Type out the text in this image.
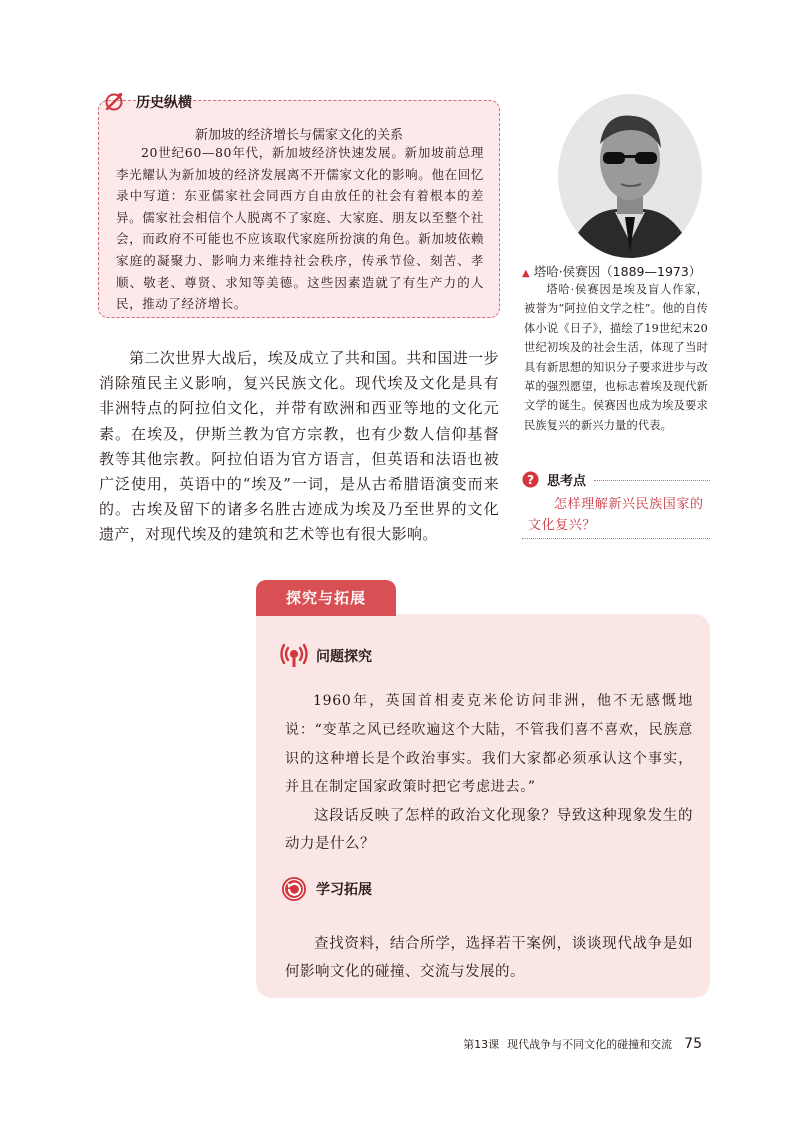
历史纵横
新加坡的经济增长与儒家文化的关系
20世纪60—80年代，新加坡经济快速发展。新加坡前总理李光耀认为新加坡的经济发展离不开儒家文化的影响。他在回忆录中写道：东亚儒家社会同西方自由放任的社会有着根本的差异。儒家社会相信个人脱离不了家庭、大家庭、朋友以至整个社会，而政府不可能也不应该取代家庭所扮演的角色。新加坡依赖家庭的凝聚力、影响力来维持社会秩序，传承节俭、刻苦、孝顺、敬老、尊贤、求知等美德。这些因素造就了有生产力的人民，推动了经济增长。
▲ 塔哈·侯赛因（1889—1973）
塔哈·侯赛因是埃及盲人作家，被誉为“阿拉伯文学之柱”。他的自传体小说《日子》，描绘了19世纪末20世纪初埃及的社会生活，体现了当时具有新思想的知识分子要求进步与改革的强烈愿望，也标志着埃及现代新文学的诞生。侯赛因也成为埃及要求民族复兴的新兴力量的代表。
第二次世界大战后，埃及成立了共和国。共和国进一步消除殖民主义影响，复兴民族文化。现代埃及文化是具有非洲特点的阿拉伯文化，并带有欧洲和西亚等地的文化元素。在埃及，伊斯兰教为官方宗教，也有少数人信仰基督教等其他宗教。阿拉伯语为官方语言，但英语和法语也被广泛使用，英语中的“埃及”一词，是从古希腊语演变而来的。古埃及留下的诸多名胜古迹成为埃及乃至世界的文化遗产，对现代埃及的建筑和艺术等也有很大影响。
? 思考点
怎样理解新兴民族国家的文化复兴？
探究与拓展
问题探究
1960年，英国首相麦克米伦访问非洲，他不无感慨地说：“变革之风已经吹遍这个大陆，不管我们喜不喜欢，民族意识的这种增长是个政治事实。我们大家都必须承认这个事实，并且在制定国家政策时把它考虑进去。”
这段话反映了怎样的政治文化现象？导致这种现象发生的动力是什么？
学习拓展
查找资料，结合所学，选择若干案例，谈谈现代战争是如何影响文化的碰撞、交流与发展的。
第13课 现代战争与不同文化的碰撞和交流 75
